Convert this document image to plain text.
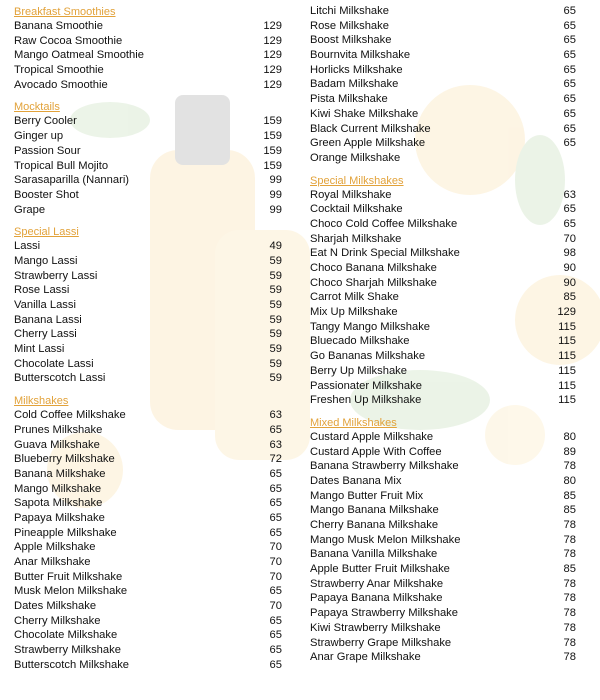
Breakfast Smoothies
Banana Smoothie	129
Raw Cocoa Smoothie	129
Mango Oatmeal Smoothie	129
Tropical Smoothie	129
Avocado Smoothie	129
Mocktails
Berry Cooler	159
Ginger up	159
Passion Sour	159
Tropical Bull Mojito	159
Sarasaparilla (Nannari)	99
Booster Shot	99
Grape	99
Special Lassi
Lassi	49
Mango Lassi	59
Strawberry Lassi	59
Rose Lassi	59
Vanilla Lassi	59
Banana Lassi	59
Cherry Lassi	59
Mint Lassi	59
Chocolate Lassi	59
Butterscotch Lassi	59
Milkshakes
Cold Coffee Milkshake	63
Prunes Milkshake	65
Guava Milkshake	63
Blueberry Milkshake	72
Banana Milkshake	65
Mango Milkshake	65
Sapota Milkshake	65
Papaya Milkshake	65
Pineapple Milkshake	65
Apple Milkshake	70
Anar Milkshake	70
Butter Fruit Milkshake	70
Musk Melon Milkshake	65
Dates Milkshake	70
Cherry Milkshake	65
Chocolate Milkshake	65
Strawberry Milkshake	65
Butterscotch Milkshake	65
Litchi Milkshake	65
Rose Milkshake	65
Boost Milkshake	65
Bournvita Milkshake	65
Horlicks Milkshake	65
Badam Milkshake	65
Pista Milkshake	65
Kiwi Shake Milkshake	65
Black Current Milkshake	65
Green Apple Milkshake	65
Orange Milkshake
Special Milkshakes
Royal Milkshake	63
Cocktail Milkshake	65
Choco Cold Coffee Milkshake	65
Sharjah Milkshake	70
Eat N Drink Special Milkshake	98
Choco Banana Milkshake	90
Choco Sharjah Milkshake	90
Carrot Milk Shake	85
Mix Up Milkshake	129
Tangy Mango Milkshake	115
Bluecado Milkshake	115
Go Bananas Milkshake	115
Berry Up Milkshake	115
Passionater Milkshake	115
Freshen Up Milkshake	115
Mixed Milkshakes
Custard Apple Milkshake	80
Custard Apple With Coffee	89
Banana Strawberry Milkshake	78
Dates Banana Mix	80
Mango Butter Fruit Mix	85
Mango Banana Milkshake	85
Cherry Banana Milkshake	78
Mango Musk Melon Milkshake	78
Banana Vanilla Milkshake	78
Apple Butter Fruit Milkshake	85
Strawberry Anar Milkshake	78
Papaya Banana Milkshake	78
Papaya Strawberry Milkshake	78
Kiwi Strawberry Milkshake	78
Strawberry Grape Milkshake	78
Anar Grape Milkshake	78
